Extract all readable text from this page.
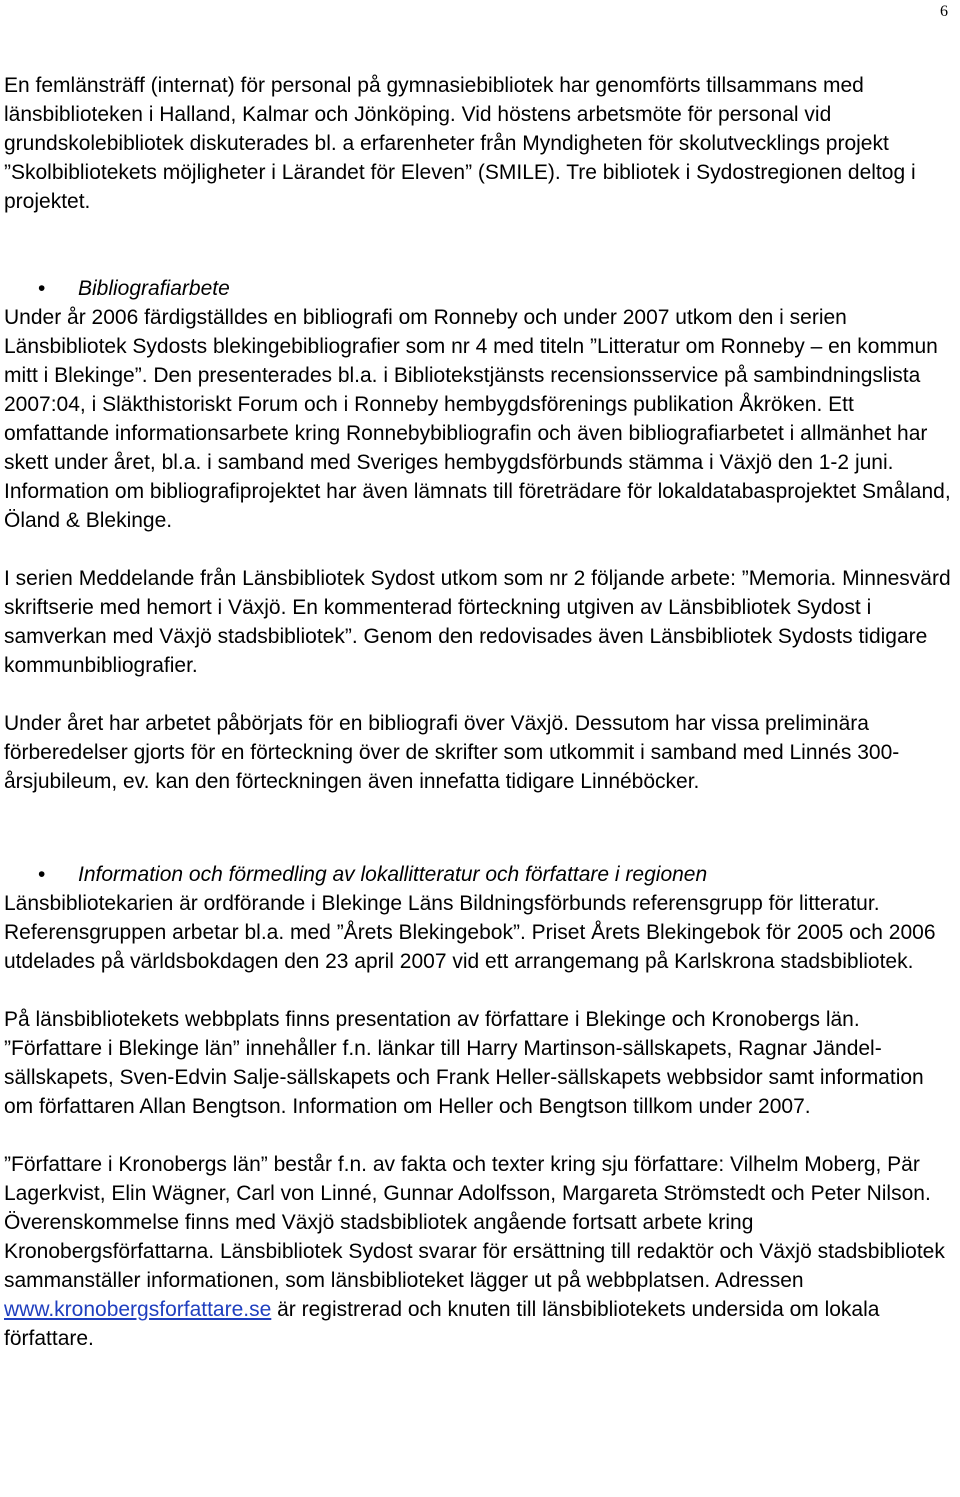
6

En femlänsträff (internat) för personal på gymnasiebibliotek har genomförts tillsammans med länsbiblioteken i Halland, Kalmar och Jönköping. Vid höstens arbetsmöte för personal vid grundskolebibliotek diskuterades bl. a erfarenheter från Myndigheten för skolutvecklings projekt ”Skolbibliotekets möjligheter i Lärandet för Eleven” (SMILE). Tre bibliotek i Sydostregionen deltog i projektet.

• Bibliografiarbete

Under år 2006 färdigställdes en bibliografi om Ronneby och under 2007 utkom den i serien Länsbibliotek Sydosts blekingebibliografier som nr 4 med titeln ”Litteratur om Ronneby – en kommun mitt i Blekinge”. Den presenterades bl.a. i Bibliotekstjänsts recensionsservice på sambindningslista 2007:04, i Släkthistoriskt Forum och i Ronneby hembygdsförenings publikation Åkröken. Ett omfattande informationsarbete kring Ronnebybibliografin och även bibliografiarbetet i allmänhet har skett under året, bl.a. i samband med Sveriges hembygdsförbunds stämma i Växjö den 1-2 juni. Information om bibliografiprojektet har även lämnats till företrädare för lokaldatabasprojektet Småland, Öland & Blekinge.

I serien Meddelande från Länsbibliotek Sydost utkom som nr 2 följande arbete: ”Memoria. Minnesvärd skriftserie med hemort i Växjö. En kommenterad förteckning utgiven av Länsbibliotek Sydost i samverkan med Växjö stadsbibliotek”. Genom den redovisades även Länsbibliotek Sydosts tidigare kommunbibliografier.

Under året har arbetet påbörjats för en bibliografi över Växjö. Dessutom har vissa preliminära förberedelser gjorts för en förteckning över de skrifter som utkommit i samband med Linnés 300-årsjubileum, ev. kan den förteckningen även innefatta tidigare Linnéböcker.

• Information och förmedling av lokallitteratur och författare i regionen

Länsbibliotekarien är ordförande i Blekinge Läns Bildningsförbunds referensgrupp för litteratur. Referensgruppen arbetar bl.a. med ”Årets Blekingebok”. Priset Årets Blekingebok för 2005 och 2006 utdelades på världsbokdagen den 23 april 2007 vid ett arrangemang på Karlskrona stadsbibliotek.

På länsbibliotekets webbplats finns presentation av författare i Blekinge och Kronobergs län. ”Författare i Blekinge län” innehåller f.n. länkar till Harry Martinson-sällskapets, Ragnar Jändel-sällskapets, Sven-Edvin Salje-sällskapets och Frank Heller-sällskapets webbsidor samt information om författaren Allan Bengtson. Information om Heller och Bengtson tillkom under 2007.

”Författare i Kronobergs län” består f.n. av fakta och texter kring sju författare: Vilhelm Moberg, Pär Lagerkvist, Elin Wägner, Carl von Linné, Gunnar Adolfsson, Margareta Strömstedt och Peter Nilson. Överenskommelse finns med Växjö stadsbibliotek angående fortsatt arbete kring Kronobergsförfattarna. Länsbibliotek Sydost svarar för ersättning till redaktör och Växjö stadsbibliotek sammanställer informationen, som länsbiblioteket lägger ut på webbplatsen. Adressen www.kronobergsforfattare.se är registrerad och knuten till länsbibliotekets undersida om lokala författare.
